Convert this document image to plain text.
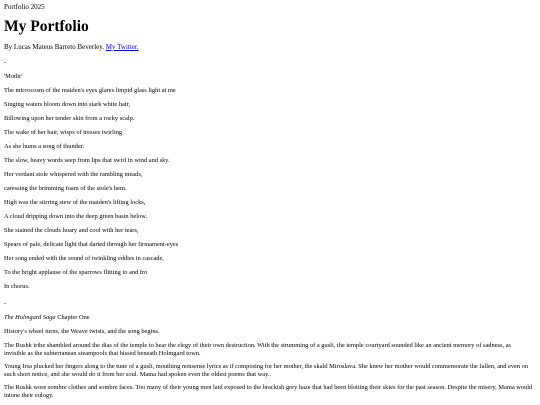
Portfolio 2025
My Portfolio
By Lucas Mateus Barreto Beverley. My Twitter.
-
'Modir'
The microcosm of the maiden's eyes glares limpid glass light at me
Singing waters bloom down into stark white hair,
Billowing upon her tender skin from a rocky scalp.
The wake of her hair, wisps of tresses twirling
As she hums a song of thunder.
The slow, heavy words seep from lips that swirl in wind and sky.
Her verdant stole whispered with the rambling meads,
caressing the brimming foam of the stole's hem.
High was the stirring stew of the maiden's lifting locks,
A cloud dripping down into the deep green basin below.
She stained the clouds hoary and cool with her tears,
Spears of pale, delicate light that darted through her firmament-eyes
Her song ended with the sound of twinkling eddies in cascade,
To the bright applause of the sparrows flitting to and fro
In chorus.
-
The Holmgard Saga Chapter One
History's wheel turns, the Weave twists, and the song begins.
The Rushk tribe shambled around the dias of the temple to hear the elegy of their own destruction. With the strumming of a gusli, the temple courtyard sounded like an ancient memory of sadness, as invisible as the subterranean steampools that hissed beneath Holmgard town.
Young Irsa plucked her fingers along to the tune of a gusli, mouthing nonsense lyrics as if composing for her mother, the skald Miroslava. She knew her mother would commemorate the fallen, and even on such short notice, and she would do it from her soul. Mama had spoken even the oldest poems that way..
The Rushk wore sombre clothes and sombre faces. Too many of their young men laid exposed to the brackish grey haze that had been blotting their skies for the past season. Despite the misery, Mama would intone their eulogy.
